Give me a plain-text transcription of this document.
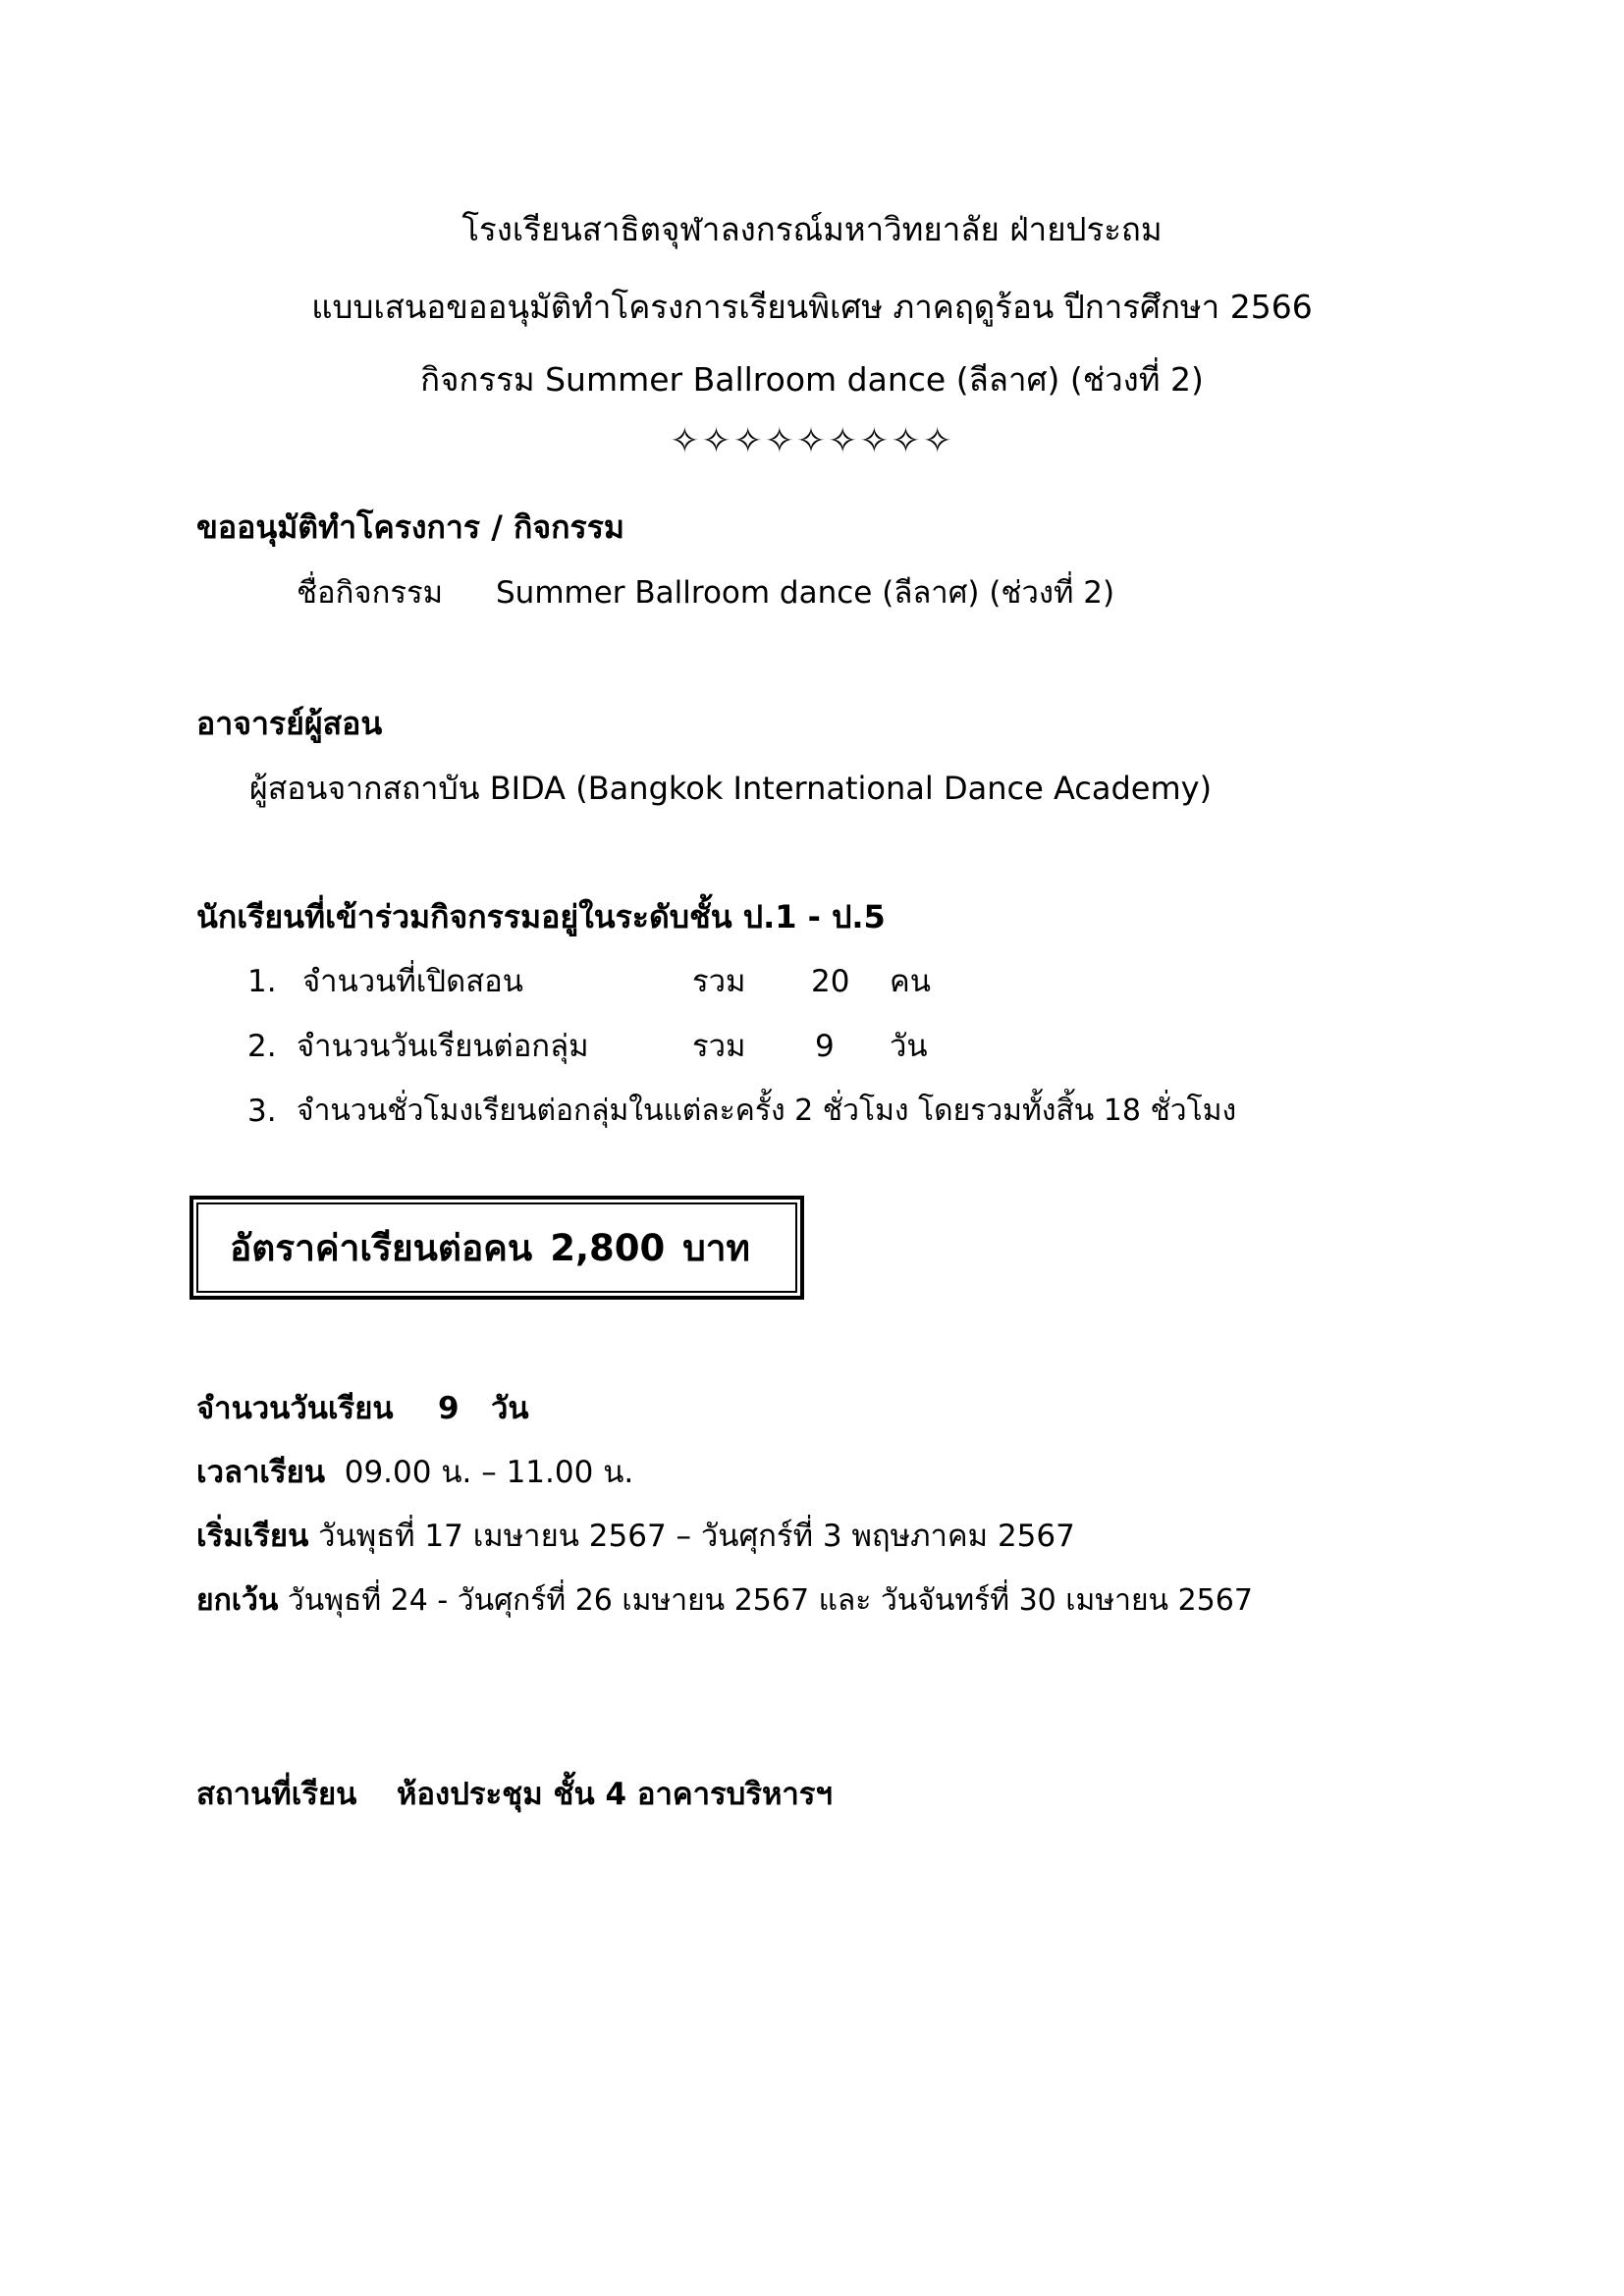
โรงเรียนสาธิตจุฬาลงกรณ์มหาวิทยาลัย ฝ่ายประถม
แบบเสนอขออนุมัติทำโครงการเรียนพิเศษ ภาคฤดูร้อน ปีการศึกษา 2566
กิจกรรม Summer Ballroom dance (ลีลาศ) (ช่วงที่ 2)
✧✧✧✧✧✧✧✧✧
ขออนุมัติทำโครงการ / กิจกรรม
ชื่อกิจกรรม Summer Ballroom dance (ลีลาศ) (ช่วงที่ 2)
อาจารย์ผู้สอน
ผู้สอนจากสถาบัน BIDA (Bangkok International Dance Academy)
นักเรียนที่เข้าร่วมกิจกรรมอยู่ในระดับชั้น ป.1 - ป.5
1. จำนวนที่เปิดสอน	รวม 20 คน
2. จำนวนวันเรียนต่อกลุ่ม	รวม 9 วัน
3. จำนวนชั่วโมงเรียนต่อกลุ่มในแต่ละครั้ง 2 ชั่วโมง โดยรวมทั้งสิ้น 18 ชั่วโมง
อัตราค่าเรียนต่อคน 2,800 บาท
จำนวนวันเรียน 9 วัน
เวลาเรียน 09.00 น. – 11.00 น.
เริ่มเรียน วันพุธที่ 17 เมษายน 2567 – วันศุกร์ที่ 3 พฤษภาคม 2567
ยกเว้น วันพุธที่ 24 - วันศุกร์ที่ 26 เมษายน 2567 และ วันจันทร์ที่ 30 เมษายน 2567
สถานที่เรียน ห้องประชุม ชั้น 4 อาคารบริหารฯ
